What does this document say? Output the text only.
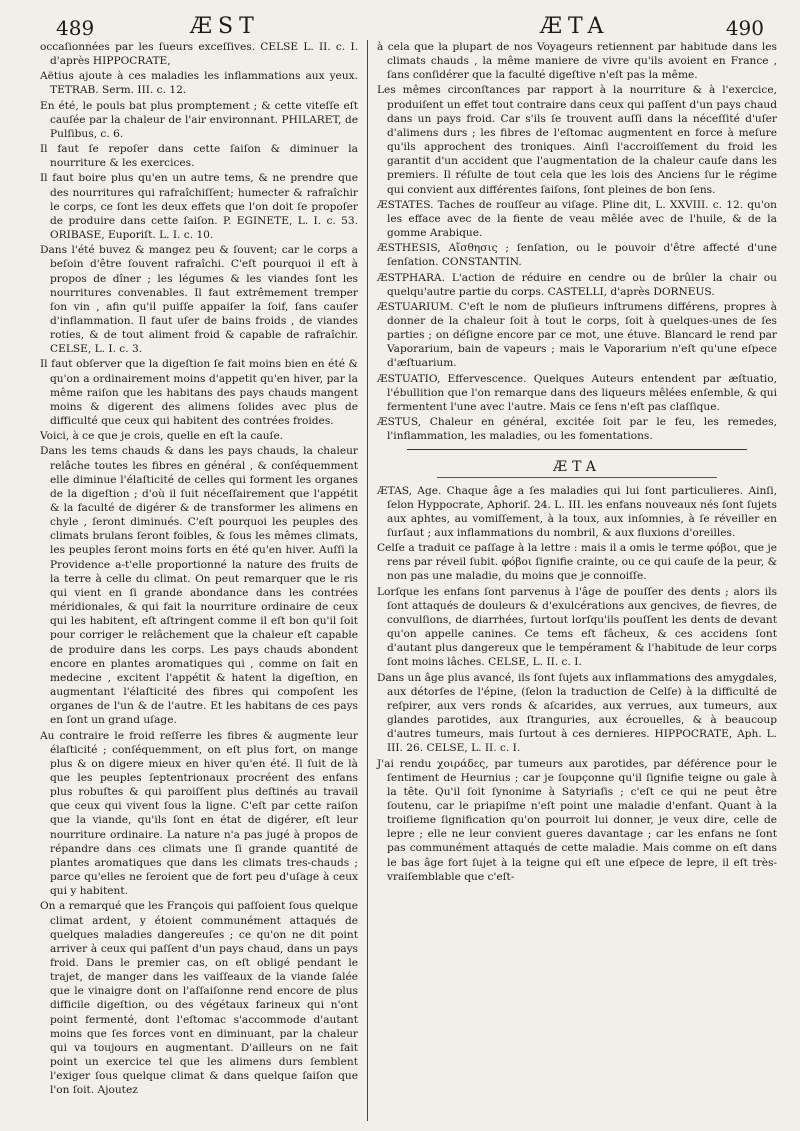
489	ÆST	ÆTA	490

occaſionnées par les ſueurs exceſſives. CELSE L. II. c. I. d'après HIPPOCRATE,

Aëtius ajoute à ces maladies les inflammations aux yeux. TETRAB. Serm. III. c. 12.

En été, le pouls bat plus promptement ; & cette viteſſe eſt cauſée par la chaleur de l'air environnant. PHILARET, de Pulſibus, c. 6.

Il faut ſe repoſer dans cette ſaiſon & diminuer la nourriture & les exercices.

Il faut boire plus qu'en un autre tems, & ne prendre que des nourritures qui rafraîchiſſent; humecter & rafraîchir le corps, ce ſont les deux effets que l'on doit ſe propoſer de produire dans cette ſaiſon. P. EGINETE, L. I. c. 53. ORIBASE, Euporiſt. L. I. c. 10.

Dans l'été buvez & mangez peu & ſouvent; car le corps a beſoin d'être ſouvent rafraîchi. C'eſt pourquoi il eſt à propos de dîner ; les légumes & les viandes ſont les nourritures convenables. Il faut extrêmement tremper ſon vin , afin qu'il puiſſe appaiſer la ſoif, ſans cauſer d'inflammation. Il faut uſer de bains froids , de viandes roties, & de tout aliment froid & capable de rafraîchir. CELSE, L. I. c. 3.

Il faut obſerver que la digeſtion ſe fait moins bien en été & qu'on a ordinairement moins d'appetit qu'en hiver, par la même raiſon que les habitans des pays chauds mangent moins & digerent des alimens ſolides avec plus de difficulté que ceux qui habitent des contrées froides.

Voici, à ce que je crois, quelle en eſt la cauſe.

Dans les tems chauds & dans les pays chauds, la chaleur relâche toutes les fibres en général , & conſéquemment elle diminue l'élaſticité de celles qui forment les organes de la digeſtion ; d'où il ſuit néceſſairement que l'appétit & la faculté de digérer & de transformer les alimens en chyle , ſeront diminués. C'eſt pourquoi les peuples des climats brulans ſeront foibles, & ſous les mêmes climats, les peuples ſeront moins forts en été qu'en hiver. Auſſi la Providence a-t'elle proportionné la nature des fruits de la terre à celle du climat. On peut remarquer que le ris qui vient en ſi grande abondance dans les contrées méridionales, & qui fait la nourriture ordinaire de ceux qui les habitent, eſt aſtringent comme il eſt bon qu'il ſoit pour corriger le relâchement que la chaleur eſt capable de produire dans les corps. Les pays chauds abondent encore en plantes aromatiques qui , comme on ſait en medecine , excitent l'appétit & hatent la digeſtion, en augmentant l'élaſticité des fibres qui compoſent les organes de l'un & de l'autre. Et les habitans de ces pays en ſont un grand uſage.

Au contraire le froid reſſerre les fibres & augmente leur élaſticité ; conſéquemment, on eſt plus fort, on mange plus & on digere mieux en hiver qu'en été. Il ſuit de là que les peuples ſeptentrionaux procréent des enfans plus robuſtes & qui paroiſſent plus deſtinés au travail que ceux qui vivent ſous la ligne. C'eſt par cette raiſon que la viande, qu'ils ſont en état de digérer, eſt leur nourriture ordinaire. La nature n'a pas jugé à propos de répandre dans ces climats une ſi grande quantité de plantes aromatiques que dans les climats tres-chauds ; parce qu'elles ne ſeroient que de fort peu d'uſage à ceux qui y habitent.

On a remarqué que les François qui paſſoient ſous quelque climat ardent, y étoient communément attaqués de quelques maladies dangereuſes ; ce qu'on ne dit point arriver à ceux qui paſſent d'un pays chaud, dans un pays froid. Dans le premier cas, on eſt obligé pendant le trajet, de manger dans les vaiſſeaux de la viande ſalée que le vinaigre dont on l'aſſaiſonne rend encore de plus difficile digeſtion, ou des végétaux farineux qui n'ont point fermenté, dont l'eſtomac s'accommode d'autant moins que ſes forces vont en diminuant, par la chaleur qui va toujours en augmentant. D'ailleurs on ne fait point un exercice tel que les alimens durs ſemblent l'exiger ſous quelque climat & dans quelque ſaiſon que l'on ſoit. Ajoutez

à cela que la plupart de nos Voyageurs retiennent par habitude dans les climats chauds , la même maniere de vivre qu'ils avoient en France , ſans conſidérer que la faculté digeſtive n'eſt pas la même.

Les mêmes circonſtances par rapport à la nourriture & à l'exercice, produiſent un effet tout contraire dans ceux qui paſſent d'un pays chaud dans un pays froid. Car s'ils ſe trouvent auſſi dans la néceſſité d'uſer d'alimens durs ; les fibres de l'eſtomac augmentent en force à meſure qu'ils approchent des troniques. Ainſi l'accroiſſement du froid les garantit d'un accident que l'augmentation de la chaleur cauſe dans les premiers. Il réſulte de tout cela que les lois des Anciens ſur le régime qui convient aux différentes ſaiſons, ſont pleines de bon ſens.

ÆSTATES. Taches de rouſſeur au viſage. Pline dit, L. XXVIII. c. 12. qu'on les efface avec de la fiente de veau mêlée avec de l'huile, & de la gomme Arabique.

ÆSTHESIS, Αἴσθησις ; ſenſation, ou le pouvoir d'être affecté d'une ſenſation. CONSTANTIN.

ÆSTPHARA. L'action de réduire en cendre ou de brûler la chair ou quelqu'autre partie du corps. CASTELLI, d'après DORNEUS.

ÆSTUARIUM. C'eſt le nom de pluſieurs inſtrumens différens, propres à donner de la chaleur ſoit à tout le corps, ſoit à quelques-unes de ſes parties ; on déſigne encore par ce mot, une étuve. Blancard le rend par Vaporarium, bain de vapeurs ; mais le Vaporarium n'eſt qu'une eſpece d'æſtuarium.

ÆSTUATIO, Effervescence. Quelques Auteurs entendent par æſtuatio, l'ébullition que l'on remarque dans des liqueurs mêlées enſemble, & qui fermentent l'une avec l'autre. Mais ce ſens n'eſt pas claſſique.

ÆSTUS, Chaleur en général, excitée ſoit par le feu, les remedes, l'inflammation, les maladies, ou les fomentations.

ÆTA

ÆTAS, Age. Chaque âge a ſes maladies qui lui ſont particulieres. Ainſi, ſelon Hyppocrate, Aphoriſ. 24. L. III. les enfans nouveaux nés ſont ſujets aux aphtes, au vomiſſement, à la toux, aux inſomnies, à ſe réveiller en ſurſaut ; aux inflammations du nombril, & aux fluxions d'oreilles.

Celſe a traduit ce paſſage à la lettre : mais il a omis le terme φόβοι, que je rens par réveil ſubit. φόβοι ſignifie crainte, ou ce qui cauſe de la peur, & non pas une maladie, du moins que je connoiſſe.

Lorſque les enfans ſont parvenus à l'âge de pouſſer des dents ; alors ils ſont attaqués de douleurs & d'exulcérations aux gencives, de fievres, de convulſions, de diarrhées, ſurtout lorſqu'ils pouſſent les dents de devant qu'on appelle canines. Ce tems eſt fâcheux, & ces accidens ſont d'autant plus dangereux que le tempérament & l'habitude de leur corps ſont moins lâches. CELSE, L. II. c. I.

Dans un âge plus avancé, ils ſont ſujets aux inflammations des amygdales, aux détorſes de l'épine, (ſelon la traduction de Celſe) à la difficulté de reſpirer, aux vers ronds & aſcarides, aux verrues, aux tumeurs, aux glandes parotides, aux ſtranguries, aux écrouelles, & à beaucoup d'autres tumeurs, mais ſurtout à ces dernieres. HIPPOCRATE, Aph. L. III. 26. CELSE, L. II. c. I.

J'ai rendu χοιράδες, par tumeurs aux parotides, par déférence pour le ſentiment de Heurnius ; car je ſoupçonne qu'il ſignifie teigne ou gale à la tête. Qu'il ſoit ſynonime à Satyriaſis ; c'eſt ce qui ne peut être ſoutenu, car le priapiſme n'eſt point une maladie d'enfant. Quant à la troiſieme ſignification qu'on pourroit lui donner, je veux dire, celle de lepre ; elle ne leur convient gueres davantage ; car les enfans ne ſont pas communément attaqués de cette maladie. Mais comme on eſt dans le bas âge fort ſujet à la teigne qui eſt une eſpece de lepre, il eſt très-vraiſemblable que c'eſt-
